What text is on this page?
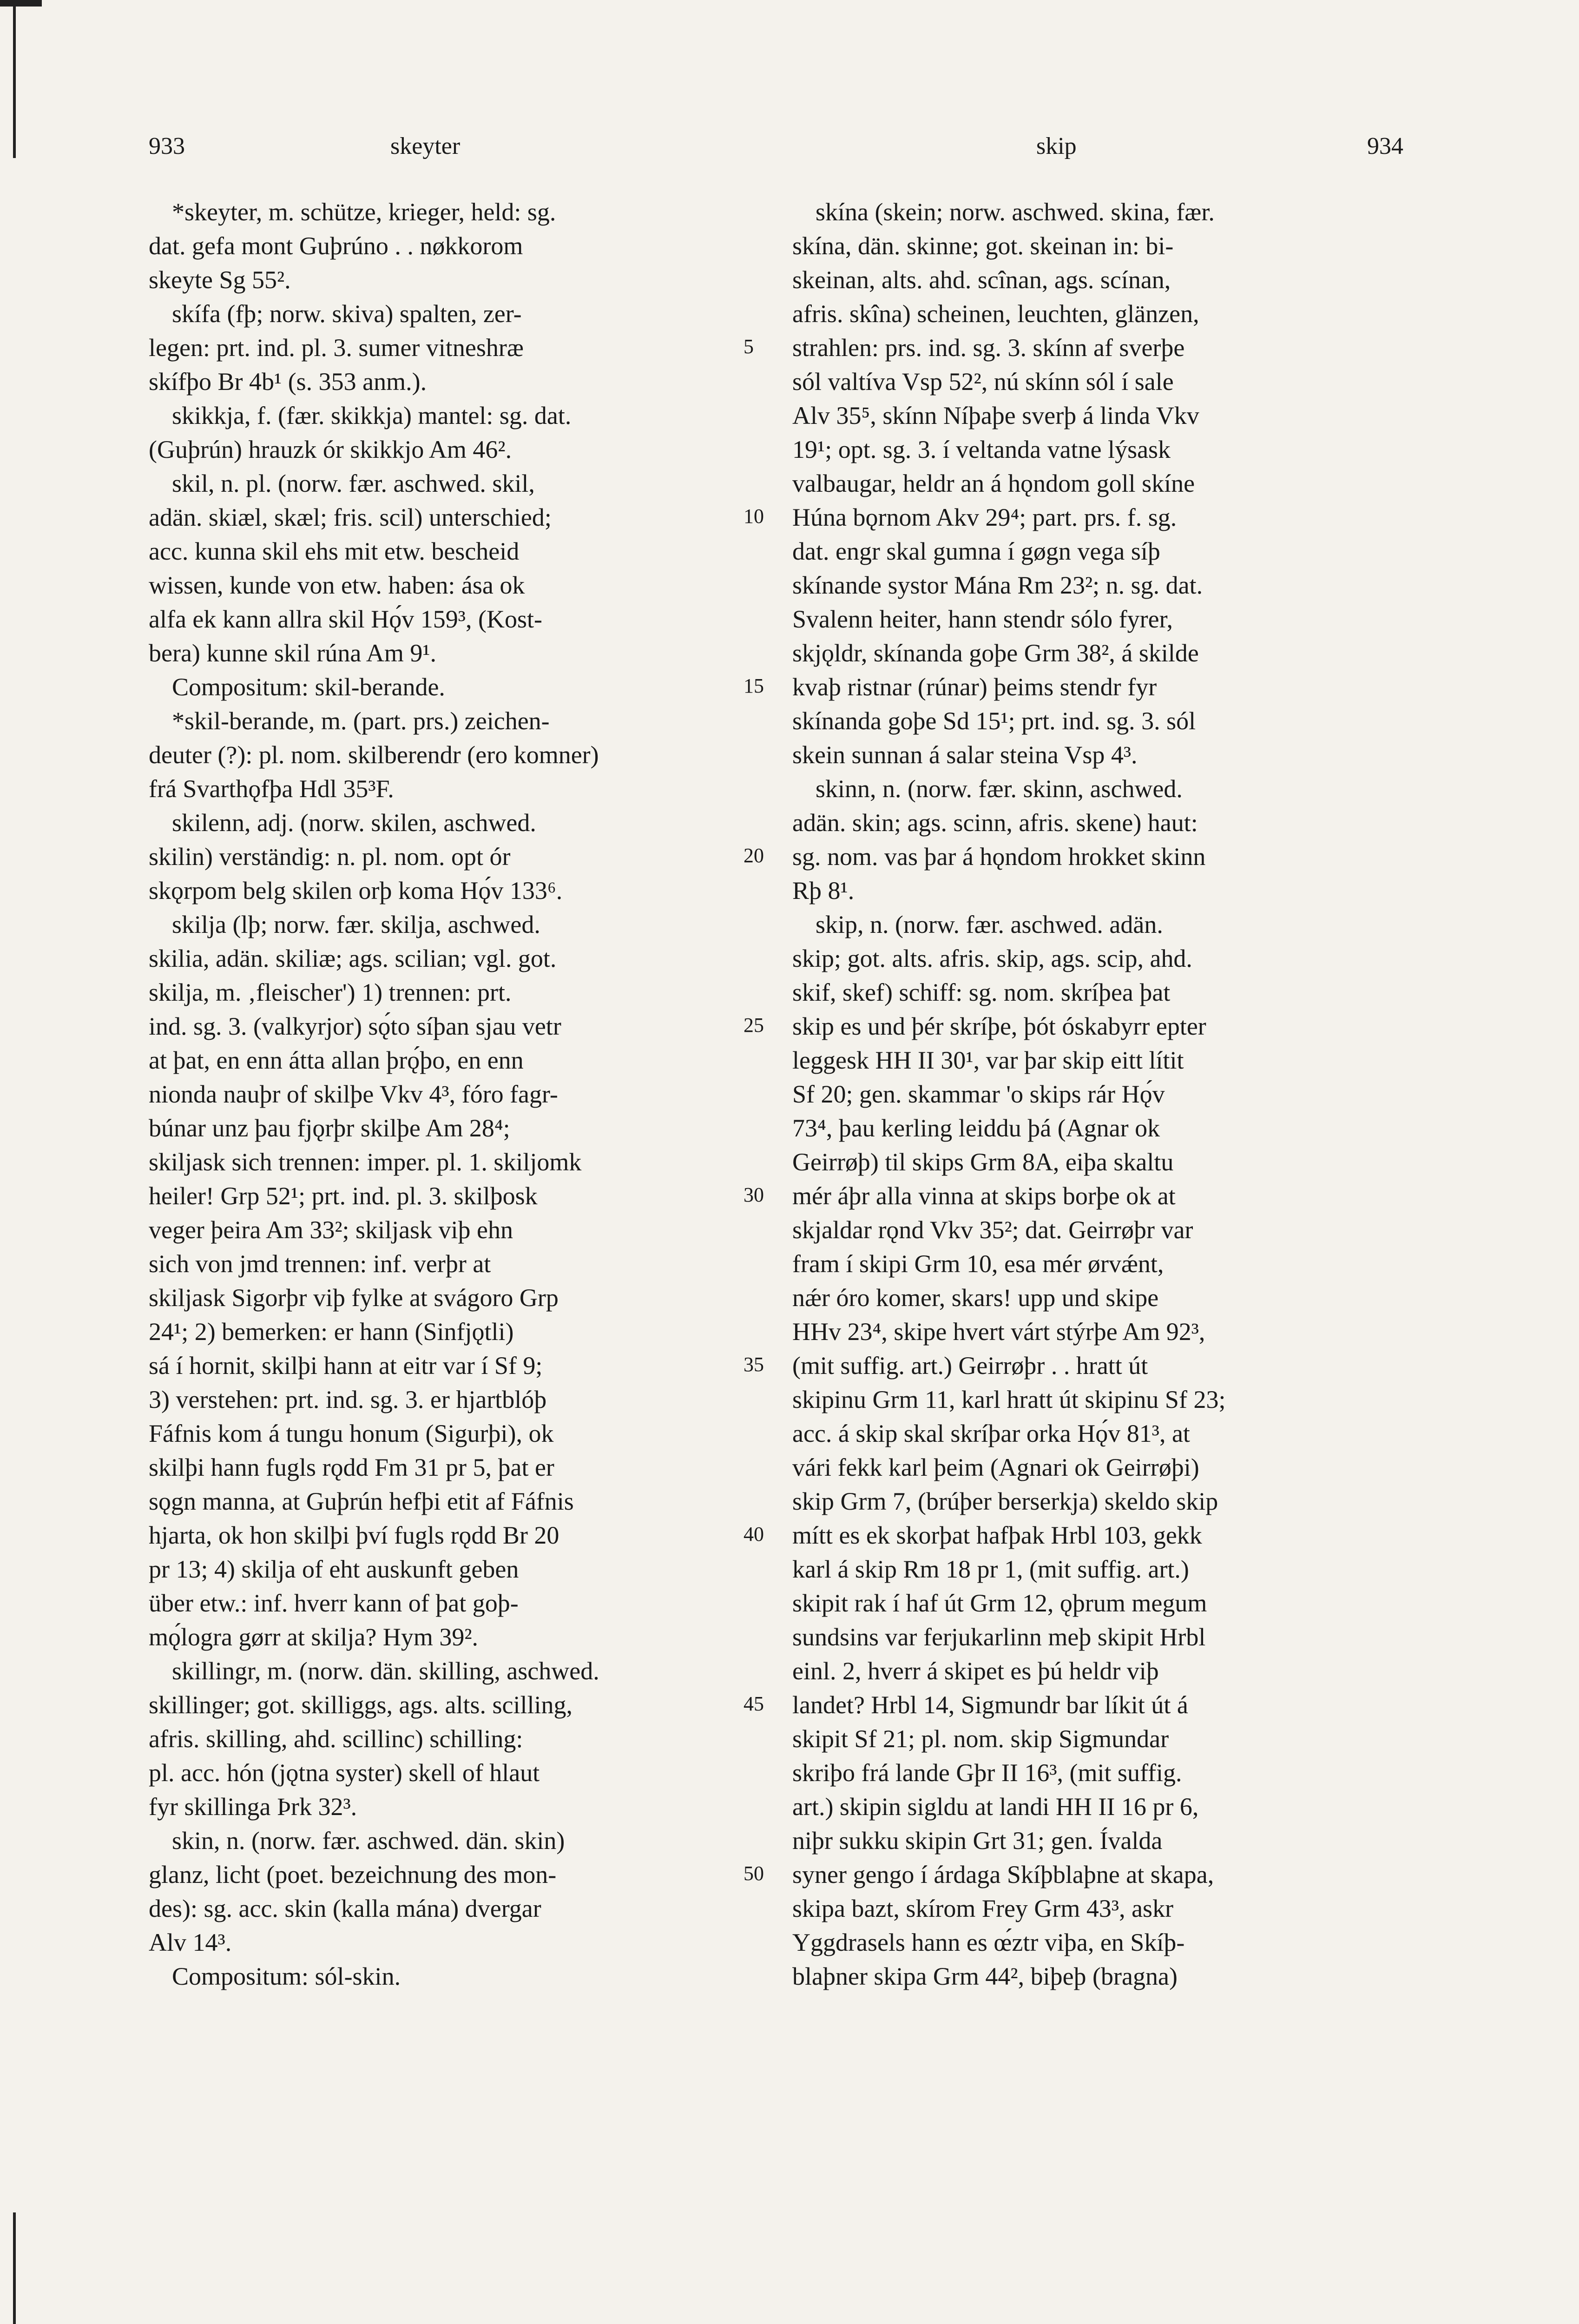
933	skeyter	skip	934
*skeyter, m. schütze, krieger, held: sg.
dat. gefa mont Guþrúno . . nøkkorom
skeyte Sg 55².
skífa (fþ; norw. skiva) spalten, zer-
legen: prt. ind. pl. 3. sumer vitneshræ
skífþo Br 4b¹ (s. 353 anm.).
skikkja, f. (fær. skikkja) mantel: sg. dat.
(Guþrún) hrauzk ór skikkjo Am 46².
skil, n. pl. (norw. fær. aschwed. skil,
adän. skiæl, skæl; fris. scil) unterschied;
acc. kunna skil ehs mit etw. bescheid
wissen, kunde von etw. haben: ása ok
alfa ek kann allra skil Hǫ́v 159³, (Kost-
bera) kunne skil rúna Am 9¹.
Compositum: skil-berande.
*skil-berande, m. (part. prs.) zeichen-
deuter (?): pl. nom. skilberendr (ero komner)
frá Svarthǫfþa Hdl 35³F.
skilenn, adj. (norw. skilen, aschwed.
skilin) verständig: n. pl. nom. opt ór
skǫrpom belg skilen orþ koma Hǫ́v 133⁶.
skilja (lþ; norw. fær. skilja, aschwed.
skilia, adän. skiliæ; ags. scilian; vgl. got.
skilja, m. ‚fleischer') 1) trennen: prt.
ind. sg. 3. (valkyrjor) sǫ́to síþan sjau vetr
at þat, en enn átta allan þrǫ́þo, en enn
nionda nauþr of skilþe Vkv 4³, fóro fagr-
búnar unz þau fjǫrþr skilþe Am 28⁴;
skiljask sich trennen: imper. pl. 1. skiljomk
heiler! Grp 52¹; prt. ind. pl. 3. skilþosk
veger þeira Am 33²; skiljask viþ ehn
sich von jmd trennen: inf. verþr at
skiljask Sigorþr viþ fylke at svágoro Grp
24¹; 2) bemerken: er hann (Sinfjǫtli)
sá í hornit, skilþi hann at eitr var í Sf 9;
3) verstehen: prt. ind. sg. 3. er hjartblóþ
Fáfnis kom á tungu honum (Sigurþi), ok
skilþi hann fugls rǫdd Fm 31 pr 5, þat er
sǫgn manna, at Guþrún hefþi etit af Fáfnis
hjarta, ok hon skilþi því fugls rǫdd Br 20
pr 13; 4) skilja of eht auskunft geben
über etw.: inf. hverr kann of þat goþ-
mǫ́logra gørr at skilja? Hym 39².
skillingr, m. (norw. dän. skilling, aschwed.
skillinger; got. skilliggs, ags. alts. scilling,
afris. skilling, ahd. scillinc) schilling:
pl. acc. hón (jǫtna syster) skell of hlaut
fyr skillinga Þrk 32³.
skin, n. (norw. fær. aschwed. dän. skin)
glanz, licht (poet. bezeichnung des mon-
des): sg. acc. skin (kalla mána) dvergar
Alv 14³.
Compositum: sól-skin.
5
10
15
20
25
30
35
40
45
50
skína (skein; norw. aschwed. skina, fær.
skína, dän. skinne; got. skeinan in: bi-
skeinan, alts. ahd. scînan, ags. scínan,
afris. skîna) scheinen, leuchten, glänzen,
strahlen: prs. ind. sg. 3. skínn af sverþe
sól valtíva Vsp 52², nú skínn sól í sale
Alv 35⁵, skínn Níþaþe sverþ á linda Vkv
19¹; opt. sg. 3. í veltanda vatne lýsask
valbaugar, heldr an á hǫndom goll skíne
Húna bǫrnom Akv 29⁴; part. prs. f. sg.
dat. engr skal gumna í gøgn vega síþ
skínande systor Mána Rm 23²; n. sg. dat.
Svalenn heiter, hann stendr sólo fyrer,
skjǫldr, skínanda goþe Grm 38², á skilde
kvaþ ristnar (rúnar) þeims stendr fyr
skínanda goþe Sd 15¹; prt. ind. sg. 3. sól
skein sunnan á salar steina Vsp 4³.
skinn, n. (norw. fær. skinn, aschwed.
adän. skin; ags. scinn, afris. skene) haut:
sg. nom. vas þar á hǫndom hrokket skinn
Rþ 8¹.
skip, n. (norw. fær. aschwed. adän.
skip; got. alts. afris. skip, ags. scip, ahd.
skif, skef) schiff: sg. nom. skríþea þat
skip es und þér skríþe, þót óskabyrr epter
leggesk HH II 30¹, var þar skip eitt lítit
Sf 20; gen. skammar 'o skips rár Hǫ́v
73⁴, þau kerling leiddu þá (Agnar ok
Geirrøþ) til skips Grm 8A, eiþa skaltu
mér áþr alla vinna at skips borþe ok at
skjaldar rǫnd Vkv 35²; dat. Geirrøþr var
fram í skipi Grm 10, esa mér ørvǽnt,
nǽr óro komer, skars! upp und skipe
HHv 23⁴, skipe hvert várt stýrþe Am 92³,
(mit suffig. art.) Geirrøþr . . hratt út
skipinu Grm 11, karl hratt út skipinu Sf 23;
acc. á skip skal skríþar orka Hǫ́v 81³, at
vári fekk karl þeim (Agnari ok Geirrøþi)
skip Grm 7, (brúþer berserkja) skeldo skip
mítt es ek skorþat hafþak Hrbl 103, gekk
karl á skip Rm 18 pr 1, (mit suffig. art.)
skipit rak í haf út Grm 12, ǫþrum megum
sundsins var ferjukarlinn meþ skipit Hrbl
einl. 2, hverr á skipet es þú heldr viþ
landet? Hrbl 14, Sigmundr bar líkit út á
skipit Sf 21; pl. nom. skip Sigmundar
skriþo frá lande Gþr II 16³, (mit suffig.
art.) skipin sigldu at landi HH II 16 pr 6,
niþr sukku skipin Grt 31; gen. Ívalda
syner gengo í árdaga Skíþblaþne at skapa,
skipa bazt, skírom Frey Grm 43³, askr
Yggdrasels hann es œ́ztr viþa, en Skíþ-
blaþner skipa Grm 44², biþeþ (bragna)
